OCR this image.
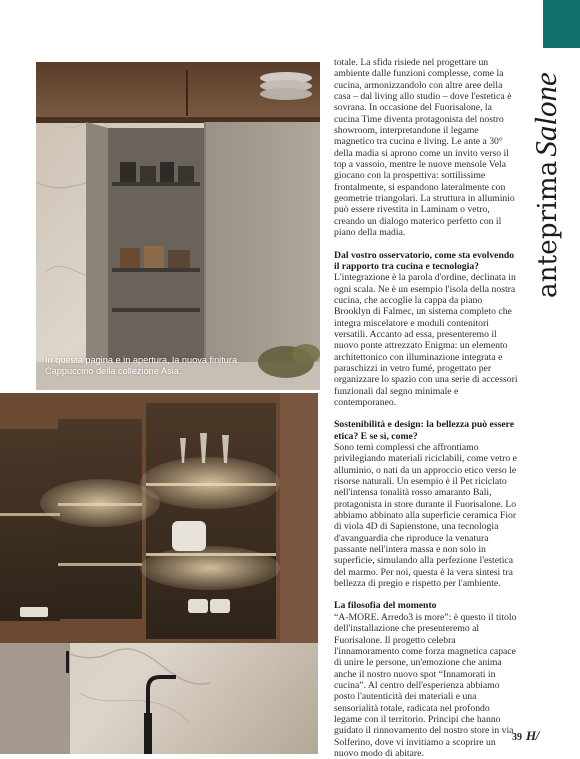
anteprimaSalone
In questa pagina e in apertura, la nuova finitura Cappuccino della collezione Asia.

totale. La sfida risiede nel progettare un ambiente dalle funzioni complesse, come la cucina, armonizzandolo con altre aree della casa – dal living allo studio – dove l'estetica è sovrana. In occasione del Fuorisalone, la cucina Time diventa protagonista del nostro showroom, interpretandone il legame magnetico tra cucina e living. Le ante a 30° della madia si aprono come un invito verso il top a vassoio, mentre le nuove mensole Vela giocano con la prospettiva: sottilissime frontalmente, si espandono lateralmente con geometrie triangolari. La struttura in alluminio può essere rivestita in Laminam o vetro, creando un dialogo materico perfetto con il piano della madia.

Dal vostro osservatorio, come sta evolvendo il rapporto tra cucina e tecnologia?

L'integrazione è la parola d'ordine, declinata in ogni scala. Ne è un esempio l'isola della nostra cucina, che accoglie la cappa da piano Brooklyn di Falmec, un sistema completo che integra miscelatore e moduli contenitori versatili. Accanto ad essa, presenteremo il nuovo ponte attrezzato Enigma: un elemento architettonico con illuminazione integrata e paraschizzi in vetro fumé, progettato per organizzare lo spazio con una serie di accessori funzionali dal segno minimale e contemporaneo.

Sostenibilità e design: la bellezza può essere etica? E se sì, come?

Sono temi complessi che affrontiamo privilegiando materiali riciclabili, come vetro e alluminio, o nati da un approccio etico verso le risorse naturali. Un esempio è il Pet riciclato nell'intensa tonalità rosso amaranto Bali, protagonista in store durante il Fuorisalone. Lo abbiamo abbinato alla superficie ceramica Fior di viola 4D di Sapienstone, una tecnologia d'avanguardia che riproduce la venatura passante nell'intera massa e non solo in superficie, simulando alla perfezione l'estetica del marmo. Per noi, questa è la vera sintesi tra bellezza di pregio e rispetto per l'ambiente.

La filosofia del momento

“A-MORE. Arredo3 is more”: è questo il titolo dell'installazione che presenteremo al Fuorisalone. Il progetto celebra l'innamoramento come forza magnetica capace di unire le persone, un'emozione che anima anche il nostro nuovo spot “Innamorati in cucina”. Al centro dell'esperienza abbiamo posto l'autenticità dei materiali e una sensorialità totale, radicata nel profondo legame con il territorio. Principi che hanno guidato il rinnovamento del nostro store in via Solferino, dove vi invitiamo a scoprire un nuovo modo di abitare.

39 H/
